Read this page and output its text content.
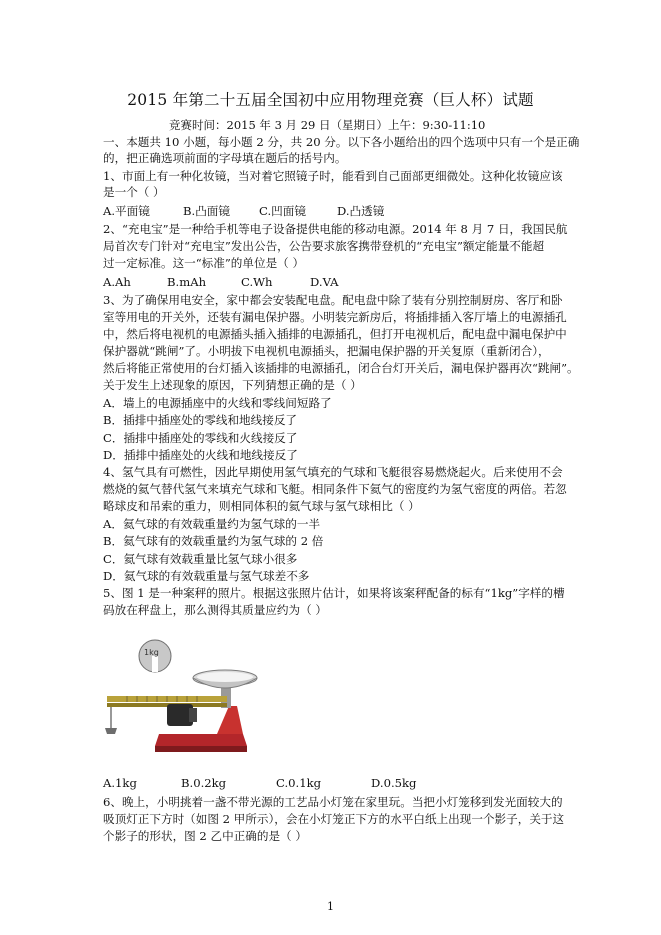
2015 年第二十五届全国初中应用物理竞赛（巨人杯）试题
竞赛时间：2015 年 3 月 29 日（星期日）上午：9:30-11:10
一、本题共 10 小题，每小题 2 分，共 20 分。以下各小题给出的四个选项中只有一个是正确
的，把正确选项前面的字母填在题后的括号内。
1、市面上有一种化妆镜，当对着它照镜子时，能看到自己面部更细微处。这种化妆镜应该
是一个（ ）
A.平面镜	B.凸面镜	C.凹面镜	D.凸透镜
2、“充电宝”是一种给手机等电子设备提供电能的移动电源。2014 年 8 月 7 日，我国民航
局首次专门针对“充电宝”发出公告，公告要求旅客携带登机的“充电宝”额定能量不能超
过一定标准。这一“标准”的单位是（ ）
A.Ah	B.mAh	C.Wh	D.VA
3、为了确保用电安全，家中都会安装配电盘。配电盘中除了装有分别控制厨房、客厅和卧
室等用电的开关外，还装有漏电保护器。小明装完新房后，将插排插入客厅墙上的电源插孔
中，然后将电视机的电源插头插入插排的电源插孔，但打开电视机后，配电盘中漏电保护中
保护器就“跳闸”了。小明拔下电视机电源插头，把漏电保护器的开关复原（重新闭合），
然后将能正常使用的台灯插入该插排的电源插孔，闭合台灯开关后，漏电保护器再次“跳闸”。
关于发生上述现象的原因，下列猜想正确的是（ ）
A．墙上的电源插座中的火线和零线间短路了
B．插排中插座处的零线和地线接反了
C．插排中插座处的零线和火线接反了
D．插排中插座处的火线和地线接反了
4、氢气具有可燃性，因此早期使用氢气填充的气球和飞艇很容易燃烧起火。后来使用不会
燃烧的氦气替代氢气来填充气球和飞艇。相同条件下氦气的密度约为氢气密度的两倍。若忽
略球皮和吊索的重力，则相同体积的氦气球与氢气球相比（ ）
A．氦气球的有效载重量约为氢气球的一半
B．氦气球有的效载重量约为氢气球的 2 倍
C．氦气球有效载重量比氢气球小很多
D．氦气球的有效载重量与氢气球差不多
5、图 1 是一种案秤的照片。根据这张照片估计，如果将该案秤配备的标有“1kg”字样的槽
码放在秤盘上，那么测得其质量应约为（ ）
1kg
A.1kg	B.0.2kg	C.0.1kg	D.0.5kg
6、晚上，小明挑着一盏不带光源的工艺品小灯笼在家里玩。当把小灯笼移到发光面较大的
吸顶灯正下方时（如图 2 甲所示），会在小灯笼正下方的水平白纸上出现一个影子，关于这
个影子的形状，图 2 乙中正确的是（ ）
1
